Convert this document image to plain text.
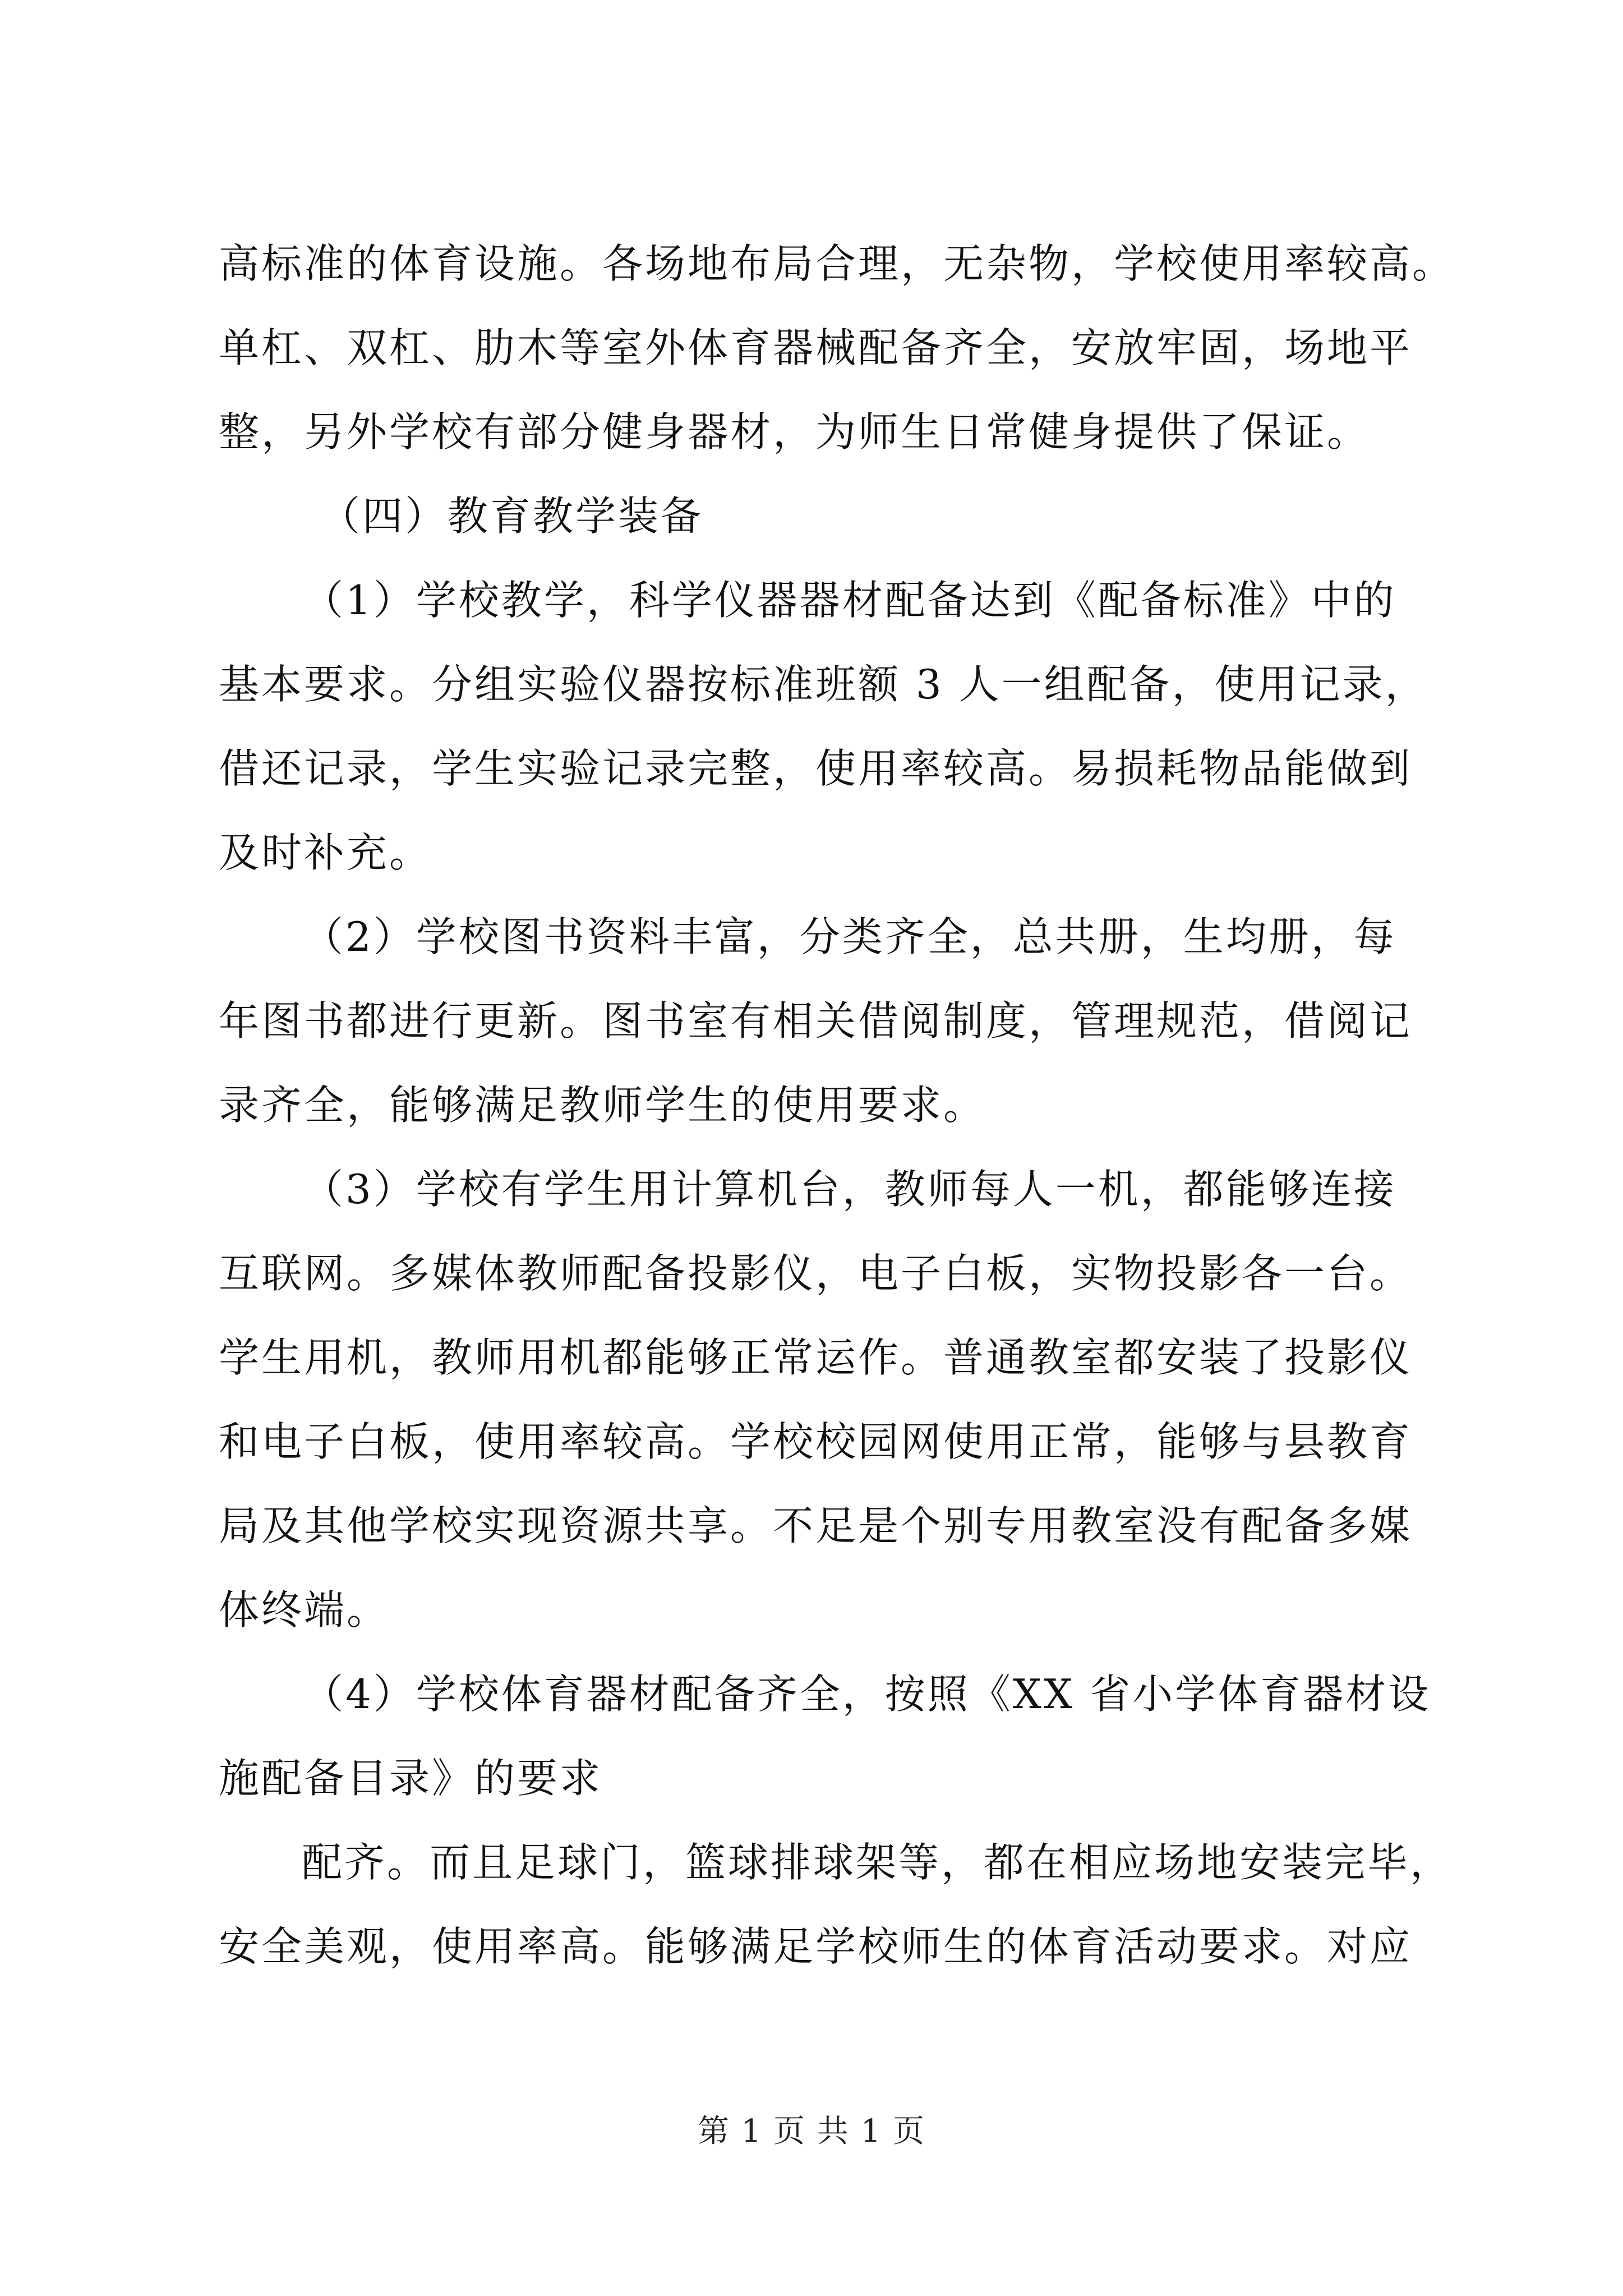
高标准的体育设施。各场地布局合理，无杂物，学校使用率较高。
单杠、双杠、肋木等室外体育器械配备齐全，安放牢固，场地平
整，另外学校有部分健身器材，为师生日常健身提供了保证。
（四）教育教学装备
（1）学校教学，科学仪器器材配备达到《配备标准》中的
基本要求。分组实验仪器按标准班额 3 人一组配备，使用记录，
借还记录，学生实验记录完整，使用率较高。易损耗物品能做到
及时补充。
（2）学校图书资料丰富，分类齐全，总共册，生均册，每
年图书都进行更新。图书室有相关借阅制度，管理规范，借阅记
录齐全，能够满足教师学生的使用要求。
（3）学校有学生用计算机台，教师每人一机，都能够连接
互联网。多媒体教师配备投影仪，电子白板，实物投影各一台。
学生用机，教师用机都能够正常运作。普通教室都安装了投影仪
和电子白板，使用率较高。学校校园网使用正常，能够与县教育
局及其他学校实现资源共享。不足是个别专用教室没有配备多媒
体终端。
（4）学校体育器材配备齐全，按照《XX 省小学体育器材设
施配备目录》的要求
配齐。而且足球门，篮球排球架等，都在相应场地安装完毕，
安全美观，使用率高。能够满足学校师生的体育活动要求。对应
第 1 页 共 1 页
